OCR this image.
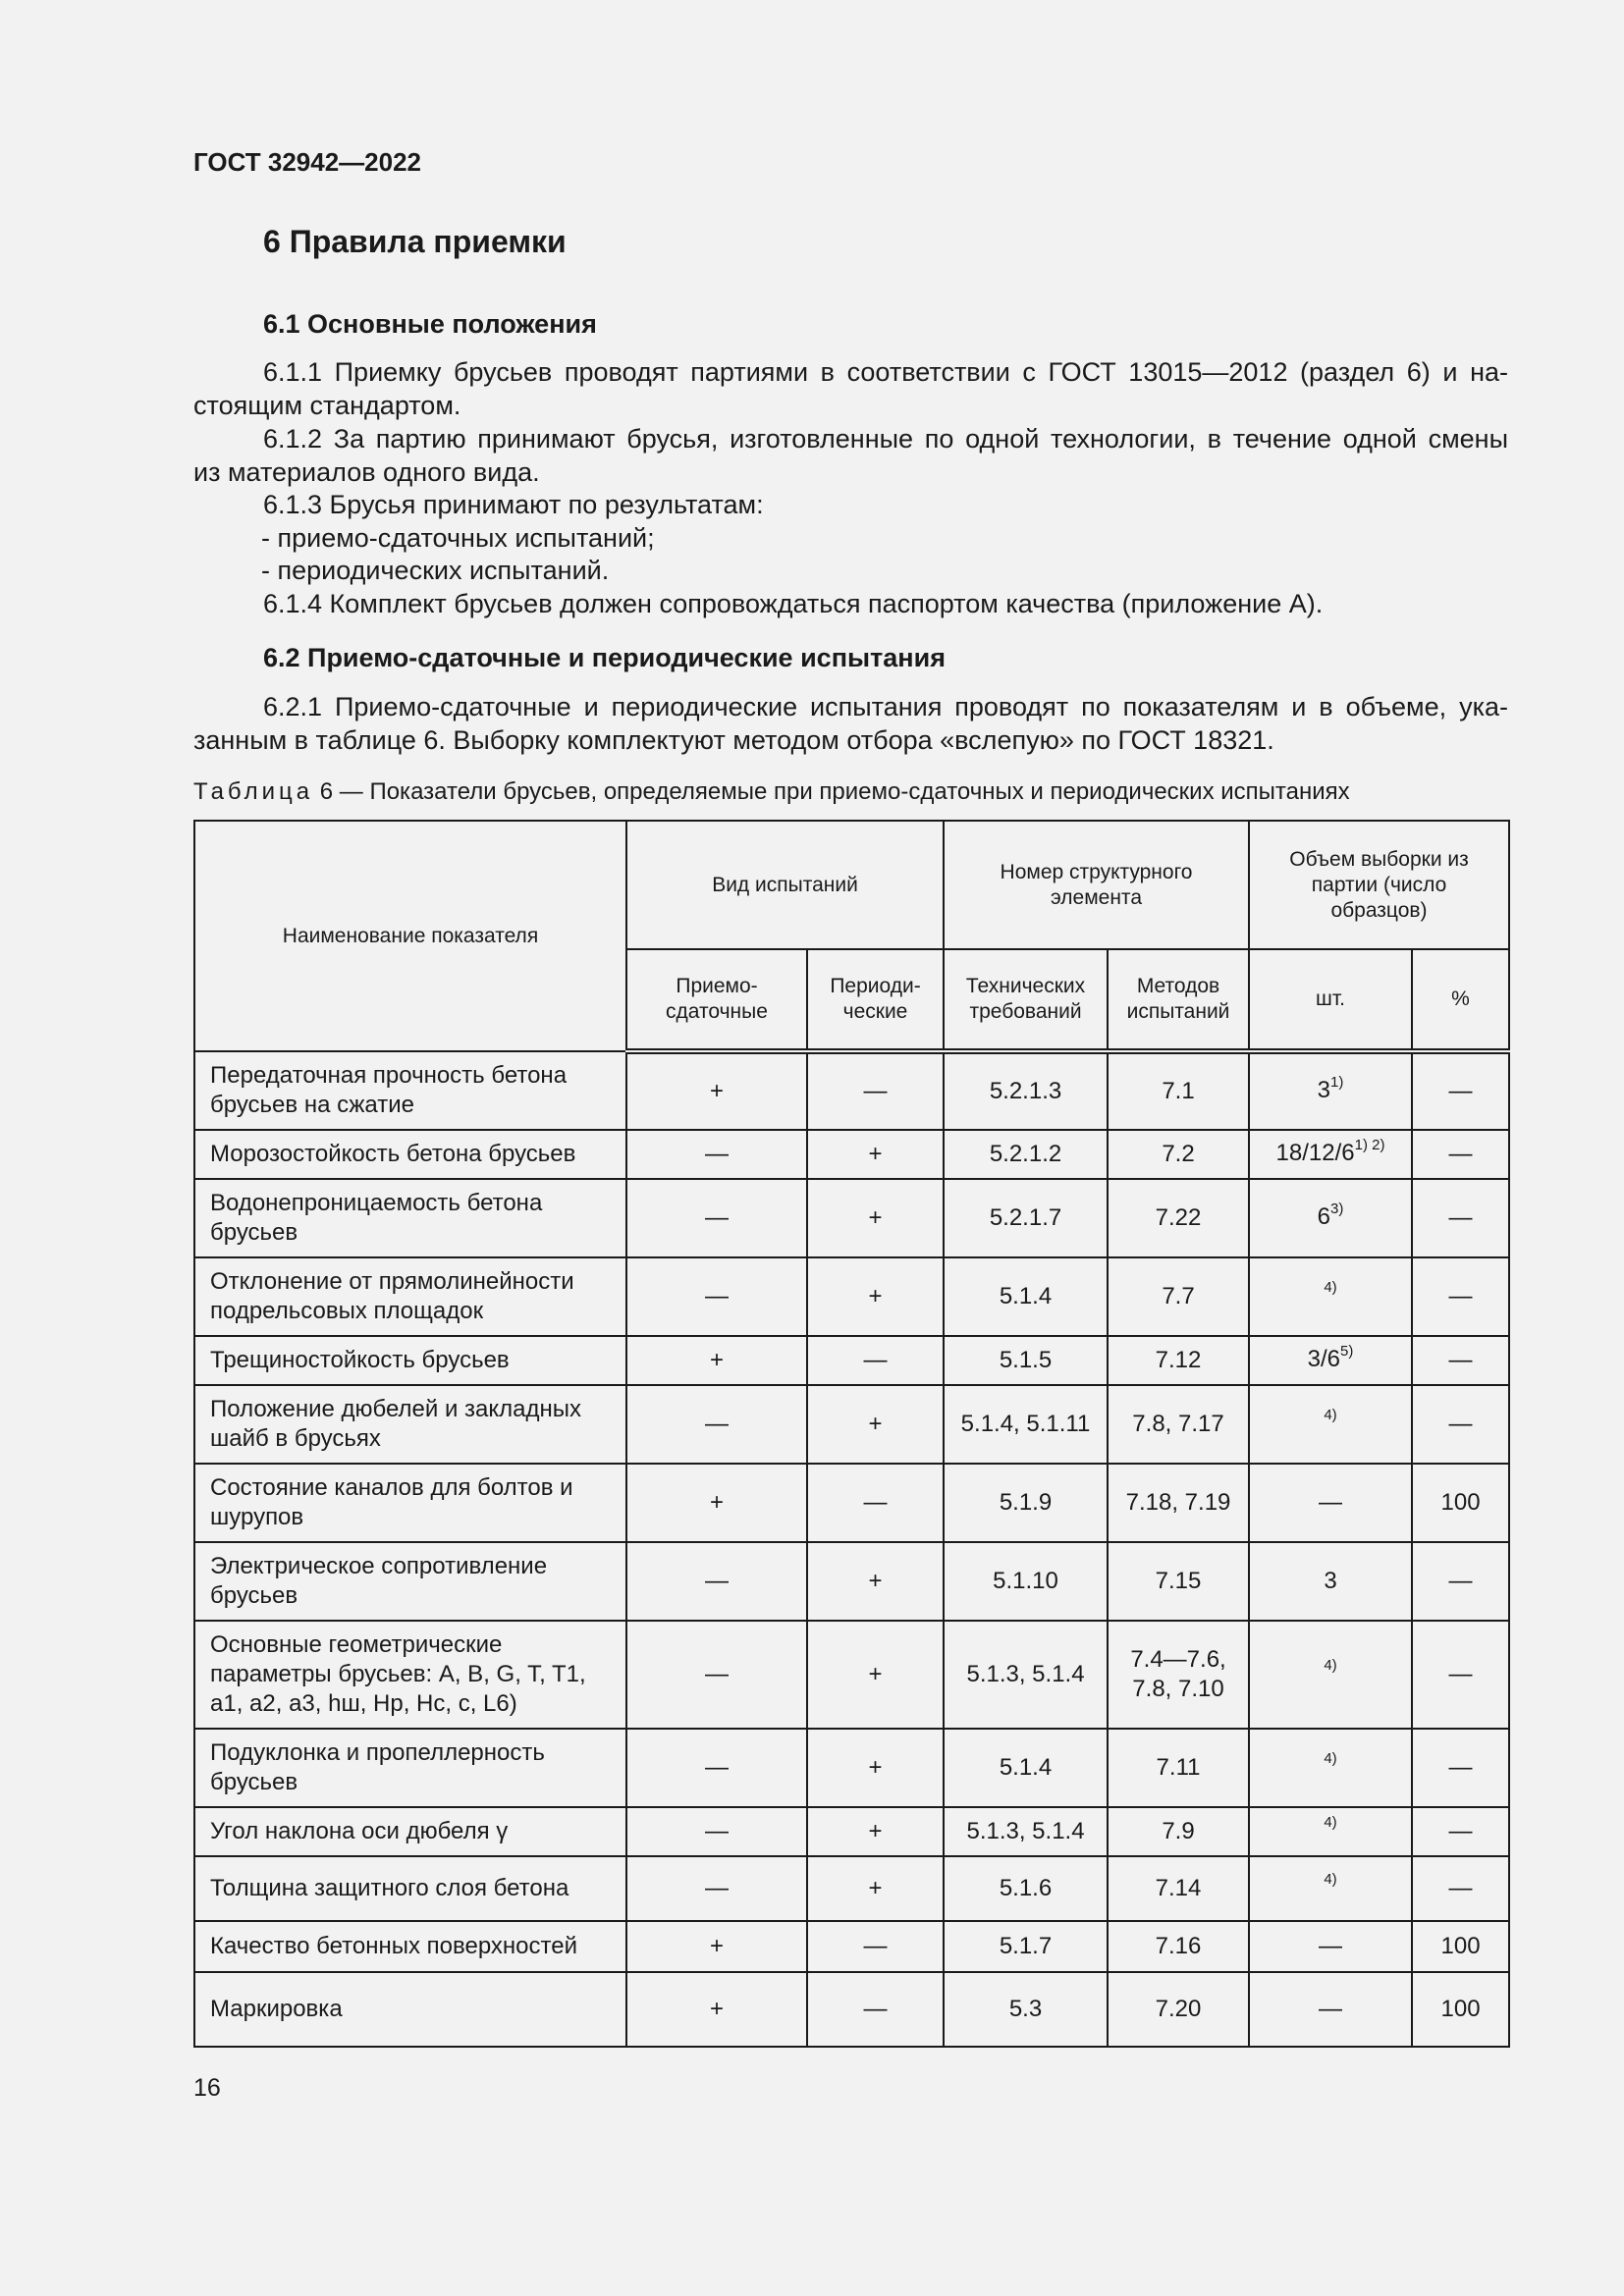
ГОСТ 32942—2022
6 Правила приемки
6.1 Основные положения
6.1.1 Приемку брусьев проводят партиями в соответствии с ГОСТ 13015—2012 (раздел 6) и на-
стоящим стандартом.
6.1.2 За партию принимают брусья, изготовленные по одной технологии, в течение одной смены
из материалов одного вида.
6.1.3 Брусья принимают по результатам:
- приемо-сдаточных испытаний;
- периодических испытаний.
6.1.4 Комплект брусьев должен сопровождаться паспортом качества (приложение А).
6.2 Приемо-сдаточные и периодические испытания
6.2.1 Приемо-сдаточные и периодические испытания проводят по показателям и в объеме, ука-
занным в таблице 6. Выборку комплектуют методом отбора «вслепую» по ГОСТ 18321.
Таблица 6 — Показатели брусьев, определяемые при приемо-сдаточных и периодических испытаниях
Наименование показателя	Вид испытаний		Номер структурного элемента		Объем выборки из партии (число образцов)	
	Приемо-сдаточные	Периоди-ческие	Технических требований	Методов испытаний	шт.	%
Передаточная прочность бетона брусьев на сжатие	+	—	5.2.1.3	7.1	3$^{1)}$	—
Морозостойкость бетона брусьев	—	+	5.2.1.2	7.2	$18/12/6^{1) 2)}$	—
Водонепроницаемость бетона брусьев	—	+	5.2.1.7	7.22	6$^{3)}$	—
Отклонение от прямолинейности подрельсовых площадок	—	+	5.1.4	7.7	$^{4)}$	—
Трещиностойкость брусьев	+	—	5.1.5	7.12	3/6$^{5)}$	—
Положение дюбелей и закладных шайб в брусьях	—	+	5.1.4, 5.1.11	7.8, 7.17	$^{4)}$	—
Состояние каналов для болтов и шурупов	+	—	5.1.9	7.18, 7.19	—	100
Электрическое сопротивление брусьев	—	+	5.1.10	7.15	3	—
Основные геометрические параметры брусьев: A, B, G, T, T1, a1, a2, a3, hш, Hр, Hc, c, L6)	—	+	5.1.3, 5.1.4	7.4—7.6, 7.8, 7.10	$^{4)}$	—
Подуклонка и пропеллерность брусьев	—	+	5.1.4	7.11	$^{4)}$	—
Угол наклона оси дюбеля γ	—	+	5.1.3, 5.1.4	7.9	$^{4)}$	—
Толщина защитного слоя бетона	—	+	5.1.6	7.14	$^{4)}$	—
Качество бетонных поверхностей	+	—	5.1.7	7.16	—	100
Маркировка	+	—	5.3	7.20	—	100
16
